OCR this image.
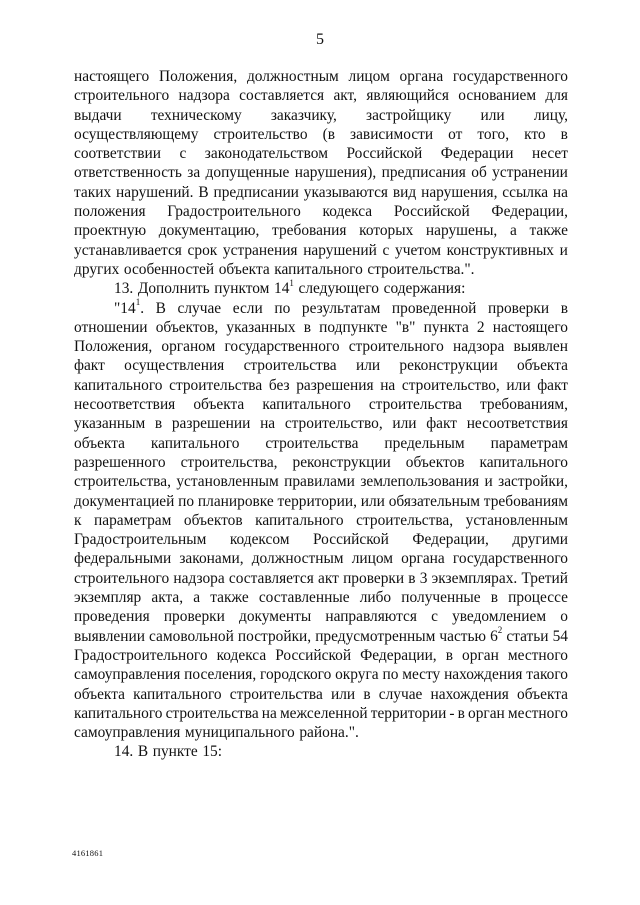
5
настоящего Положения, должностным лицом органа государственного
строительного надзора составляется акт, являющийся основанием для
выдачи техническому заказчику, застройщику или лицу,
осуществляющему строительство (в зависимости от того, кто в
соответствии с законодательством Российской Федерации несет
ответственность за допущенные нарушения), предписания об устранении
таких нарушений. В предписании указываются вид нарушения, ссылка на
положения Градостроительного кодекса Российской Федерации,
проектную документацию, требования которых нарушены, а также
устанавливается срок устранения нарушений с учетом конструктивных и
других особенностей объекта капитального строительства.".
13. Дополнить пунктом $14^1$ следующего содержания:
"$14^1$. В случае если по результатам проведенной проверки в
отношении объектов, указанных в подпункте "в" пункта 2 настоящего
Положения, органом государственного строительного надзора выявлен
факт осуществления строительства или реконструкции объекта
капитального строительства без разрешения на строительство, или факт
несоответствия объекта капитального строительства требованиям,
указанным в разрешении на строительство, или факт несоответствия
объекта капитального строительства предельным параметрам
разрешенного строительства, реконструкции объектов капитального
строительства, установленным правилами землепользования и застройки,
документацией по планировке территории, или обязательным требованиям
к параметрам объектов капитального строительства, установленным
Градостроительным кодексом Российской Федерации, другими
федеральными законами, должностным лицом органа государственного
строительного надзора составляется акт проверки в 3 экземплярах. Третий
экземпляр акта, а также составленные либо полученные в процессе
проведения проверки документы направляются с уведомлением о
выявлении самовольной постройки, предусмотренным частью $6^2$ статьи 54
Градостроительного кодекса Российской Федерации, в орган местного
самоуправления поселения, городского округа по месту нахождения такого
объекта капитального строительства или в случае нахождения объекта
капитального строительства на межселенной территории - в орган местного
самоуправления муниципального района.".
14. В пункте 15:
4161861
